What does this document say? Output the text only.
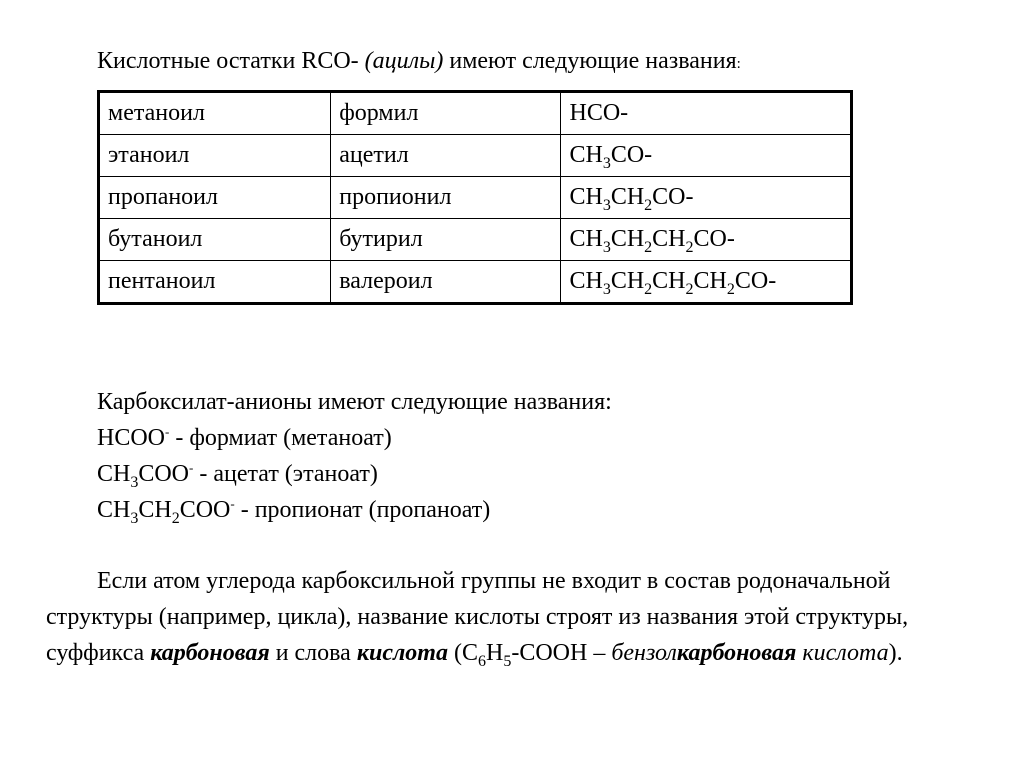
Кислотные остатки RCO- (ацилы) имеют следующие названия:
метаноил	формил	HCO-
этаноил	ацетил	$CH_3CO-$
пропаноил	пропионил	$CH_3CH_2CO-$
бутаноил	бутирил	$CH_3CH_2CH_2CO-$
пентаноил	валероил	$CH_3CH_2CH_2CH_2CO-$
Карбоксилат-анионы имеют следующие названия:
HCOO- - формиат (метаноат)
$CH_3COO^-$ - ацетат (этаноат)
$CH_3CH_2COO^-$ - пропионат (пропаноат)
Если атом углерода карбоксильной группы не входит в состав родоначальной структуры (например, цикла), название кислоты строят из названия этой структуры, суффикса карбоновая и слова кислота ($C_6H_5$-COOH – бензолкарбоновая кислота).
